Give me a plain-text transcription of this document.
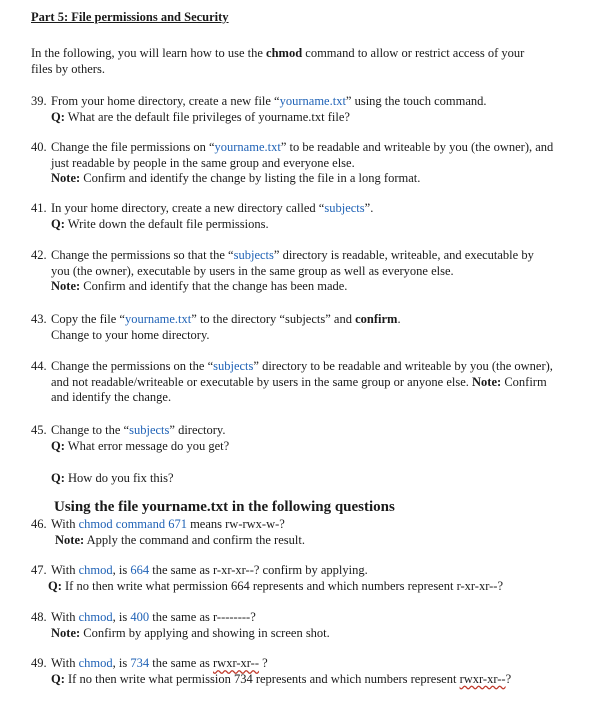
Part 5: File permissions and Security
In the following, you will learn how to use the chmod command to allow or restrict access of your
files by others.
39. From your home directory, create a new file “yourname.txt” using the touch command.
Q: What are the default file privileges of yourname.txt file?
40. Change the file permissions on “yourname.txt” to be readable and writeable by you (the owner), and
just readable by people in the same group and everyone else.
Note: Confirm and identify the change by listing the file in a long format.
41. In your home directory, create a new directory called “subjects”.
Q: Write down the default file permissions.
42. Change the permissions so that the “subjects” directory is readable, writeable, and executable by
you (the owner), executable by users in the same group as well as everyone else.
Note: Confirm and identify that the change has been made.
43. Copy the file “yourname.txt” to the directory “subjects” and confirm.
Change to your home directory.
44. Change the permissions on the “subjects” directory to be readable and writeable by you (the owner),
and not readable/writeable or executable by users in the same group or anyone else. Note: Confirm
and identify the change.
45. Change to the “subjects” directory.
Q: What error message do you get?
Q: How do you fix this?
Using the file yourname.txt in the following questions
46. With chmod command 671 means rw-rwx-w-?
Note: Apply the command and confirm the result.
47. With chmod, is 664 the same as r-xr-xr--? confirm by applying.
Q: If no then write what permission 664 represents and which numbers represent r-xr-xr--?
48. With chmod, is 400 the same as r--------?
Note: Confirm by applying and showing in screen shot.
49. With chmod, is 734 the same as rwxr-xr-- ?
Q: If no then write what permission 734 represents and which numbers represent rwxr-xr--?
